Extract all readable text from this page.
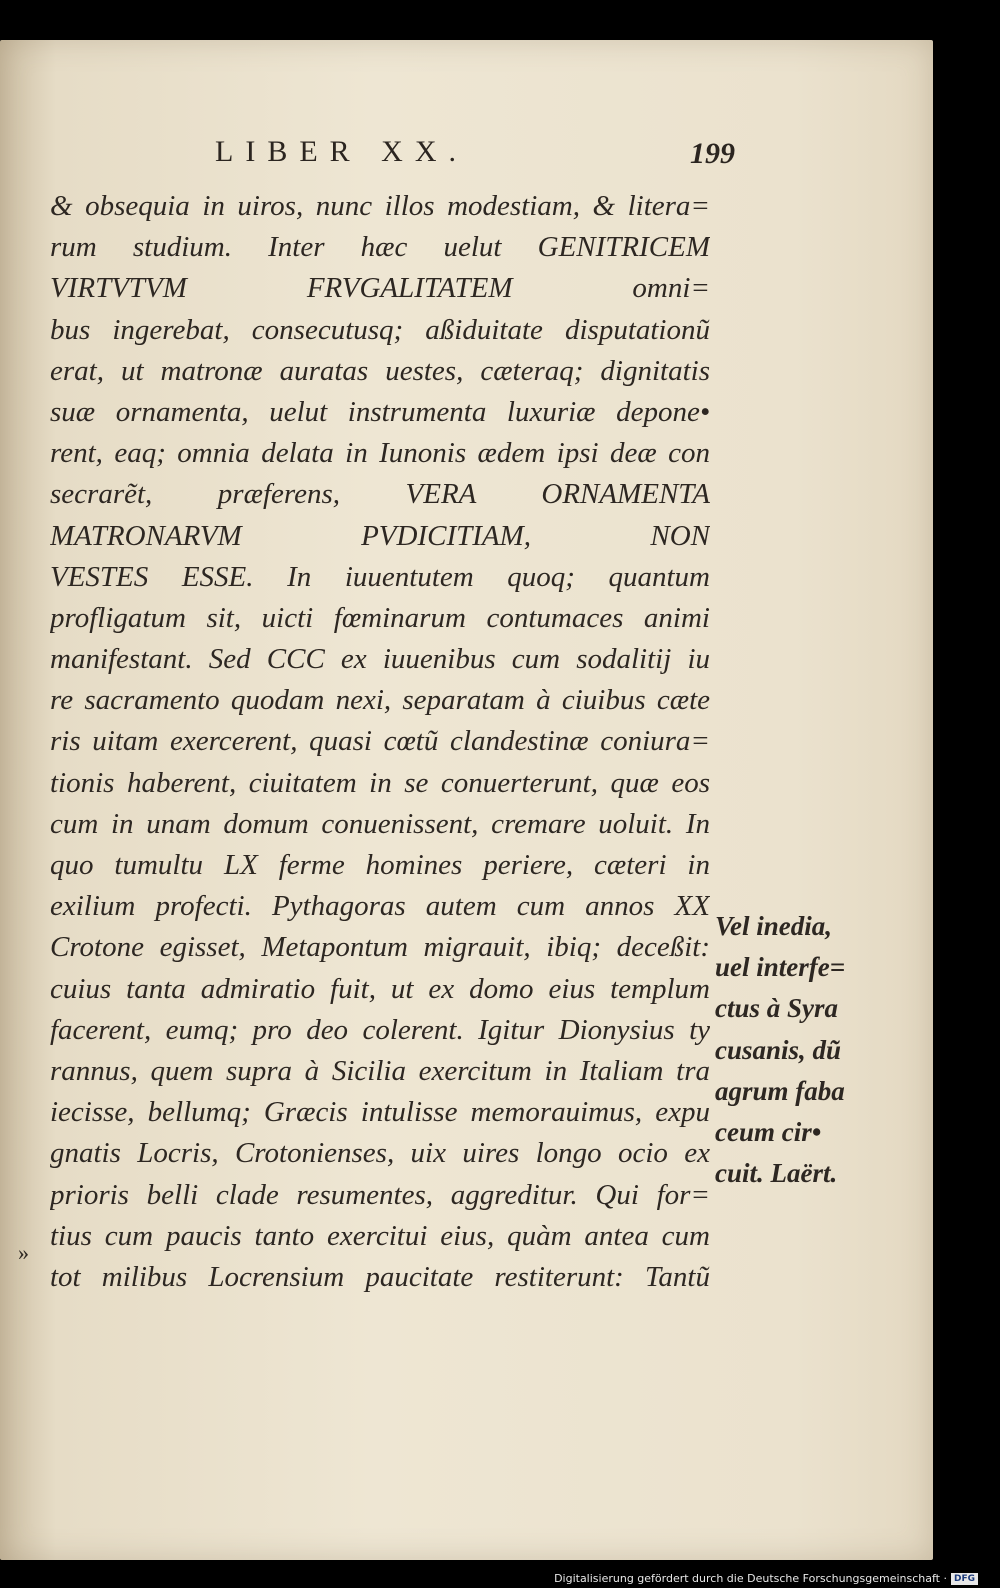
LIBER XX.	199
& obsequia in uiros, nunc illos modestiam, & litera=
rum studium. Inter hæc uelut GENITRICEM
VIRTVTVM FRVGALITATEM omni=
bus ingerebat, consecutusq; aßiduitate disputationũ
erat, ut matronæ auratas uestes, cæteraq; dignitatis
suæ ornamenta, uelut instrumenta luxuriæ depone•
rent, eaq; omnia delata in Iunonis ædem ipsi deæ con
secrarẽt, præferens, VERA ORNAMENTA
MATRONARVM PVDICITIAM, NON
VESTES ESSE. In iuuentutem quoq; quantum
profligatum sit, uicti fœminarum contumaces animi
manifestant. Sed CCC ex iuuenibus cum sodalitij iu
re sacramento quodam nexi, separatam à ciuibus cæte
ris uitam exercerent, quasi cœtũ clandestinæ coniura=
tionis haberent, ciuitatem in se conuerterunt, quæ eos
cum in unam domum conuenissent, cremare uoluit. In
quo tumultu LX ferme homines periere, cæteri in
exilium profecti. Pythagoras autem cum annos XX
Crotone egisset, Metapontum migrauit, ibiq; deceßit:
cuius tanta admiratio fuit, ut ex domo eius templum
facerent, eumq; pro deo colerent. Igitur Dionysius ty
rannus, quem supra à Sicilia exercitum in Italiam tra
iecisse, bellumq; Græcis intulisse memorauimus, expu
gnatis Locris, Crotonienses, uix uires longo ocio ex
prioris belli clade resumentes, aggreditur. Qui for=
tius cum paucis tanto exercitui eius, quàm antea cum
tot milibus Locrensium paucitate restiterunt: Tantũ
Vel inedia,
uel interfe=
ctus à Syra
cusanis, dũ
agrum faba
ceum cir•
cuit. Laërt.
»
Digitalisierung gefördert durch die Deutsche Forschungsgemeinschaft · DFG
